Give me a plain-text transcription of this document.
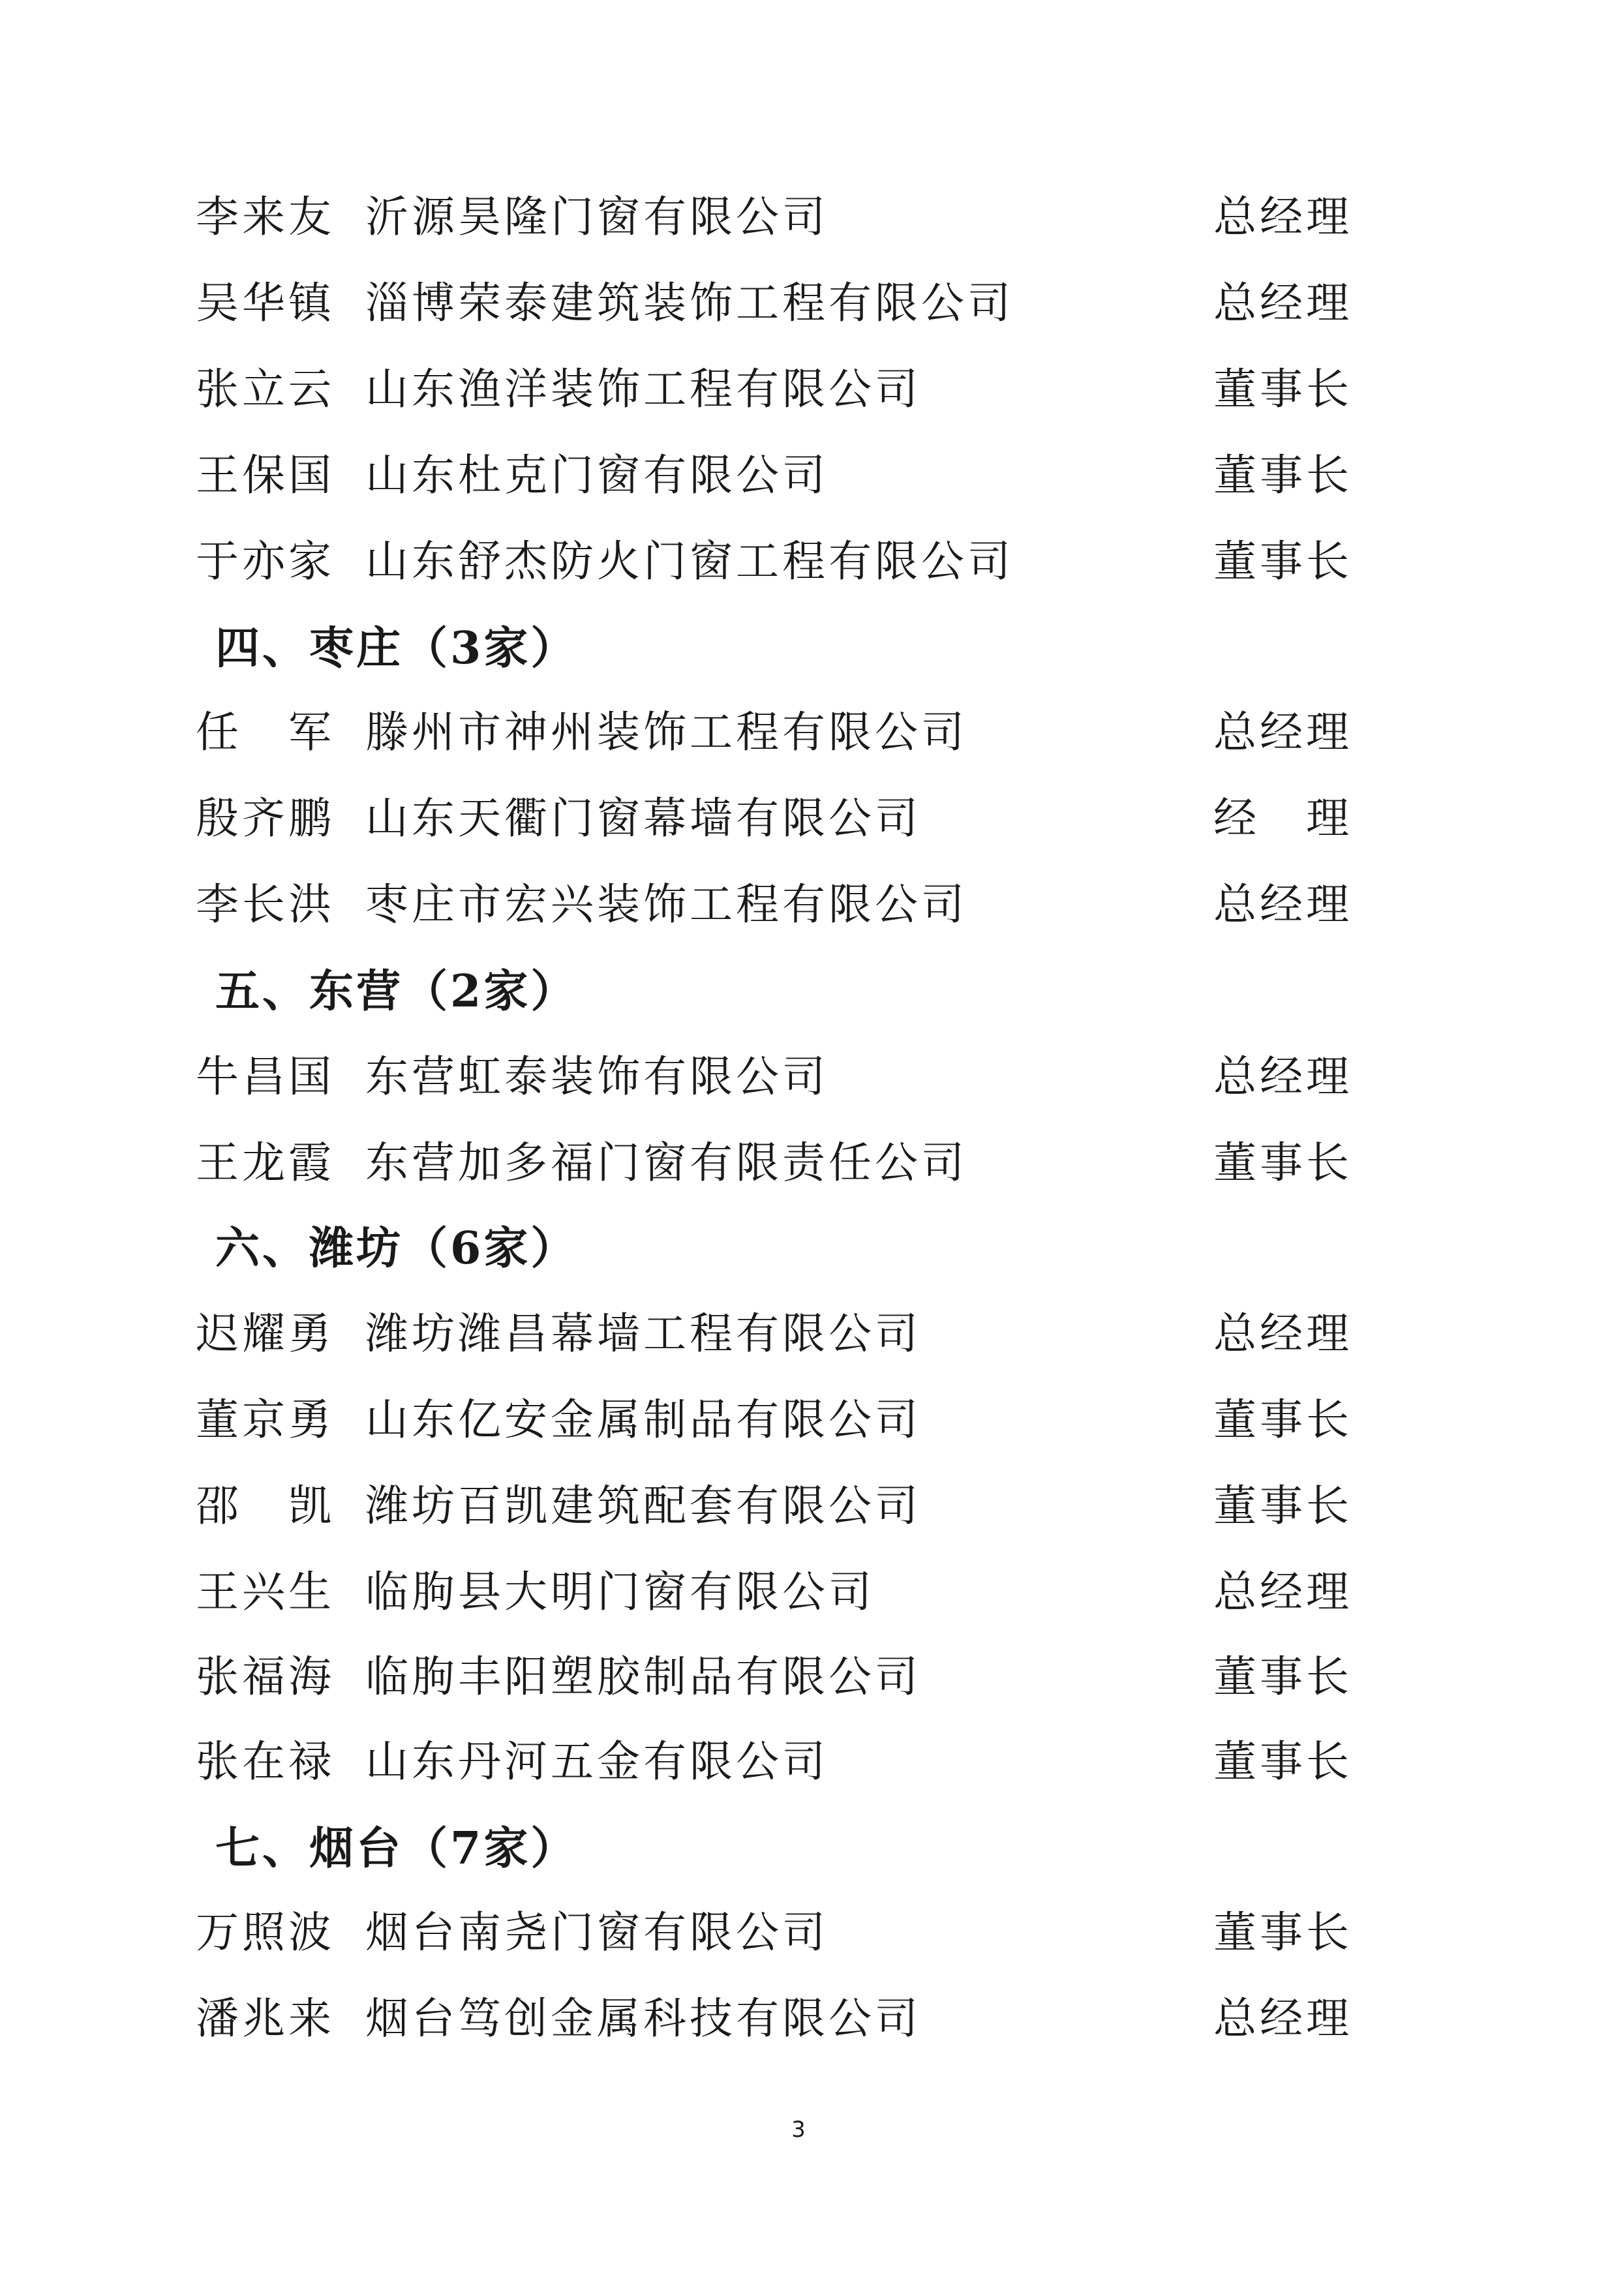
李来友 沂源昊隆门窗有限公司	总经理
吴华镇 淄博荣泰建筑装饰工程有限公司	总经理
张立云 山东渔洋装饰工程有限公司	董事长
王保国 山东杜克门窗有限公司	董事长
于亦家 山东舒杰防火门窗工程有限公司	董事长
四、枣庄（3家）
任　军 滕州市神州装饰工程有限公司	总经理
殷齐鹏 山东天衢门窗幕墙有限公司	经　理
李长洪 枣庄市宏兴装饰工程有限公司	总经理
五、东营（2家）
牛昌国 东营虹泰装饰有限公司	总经理
王龙霞 东营加多福门窗有限责任公司	董事长
六、潍坊（6家）
迟耀勇 潍坊潍昌幕墙工程有限公司	总经理
董京勇 山东亿安金属制品有限公司	董事长
邵　凯 潍坊百凯建筑配套有限公司	董事长
王兴生 临朐县大明门窗有限公司	总经理
张福海 临朐丰阳塑胶制品有限公司	董事长
张在禄 山东丹河五金有限公司	董事长
七、烟台（7家）
万照波 烟台南尧门窗有限公司	董事长
潘兆来 烟台笃创金属科技有限公司	总经理
3
